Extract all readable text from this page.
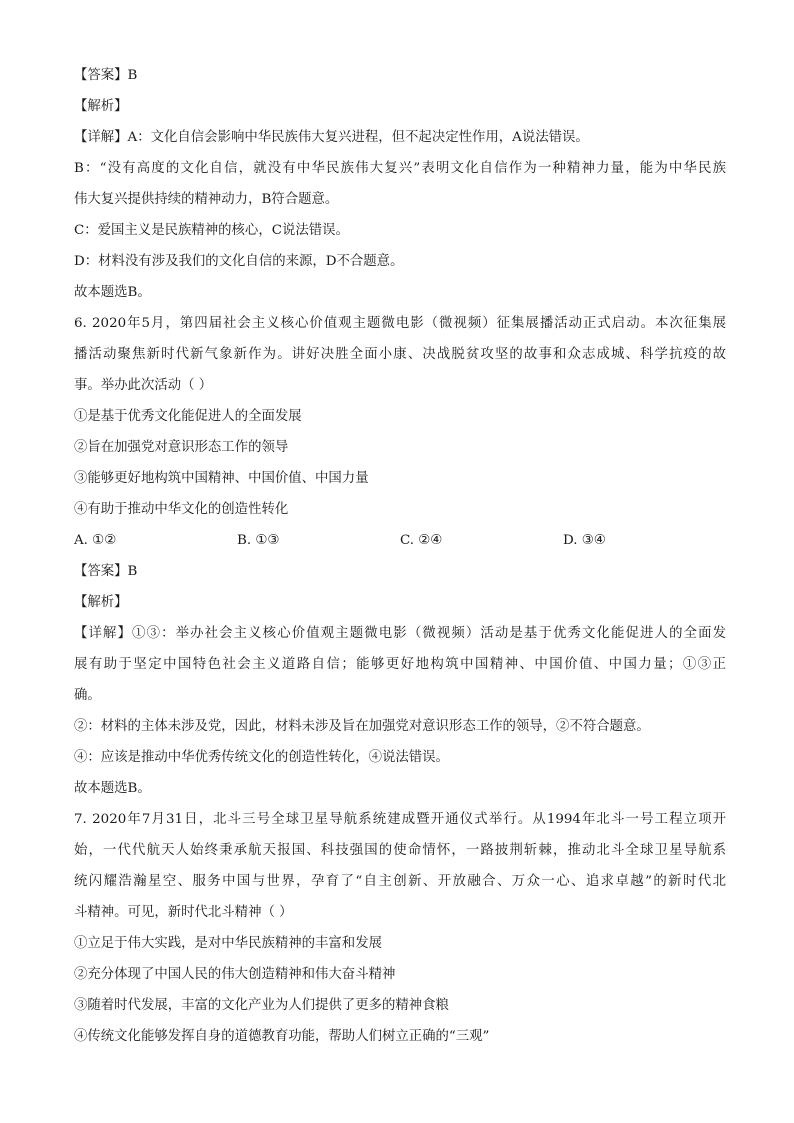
【答案】B
【解析】
【详解】A：文化自信会影响中华民族伟大复兴进程，但不起决定性作用，A说法错误。
B：“没有高度的文化自信，就没有中华民族伟大复兴”表明文化自信作为一种精神力量，能为中华民族
伟大复兴提供持续的精神动力，B符合题意。
C：爱国主义是民族精神的核心，C说法错误。
D：材料没有涉及我们的文化自信的来源，D不合题意。
故本题选B。
6. 2020年5月，第四届社会主义核心价值观主题微电影（微视频）征集展播活动正式启动。本次征集展
播活动聚焦新时代新气象新作为。讲好决胜全面小康、决战脱贫攻坚的故事和众志成城、科学抗疫的故
事。举办此次活动（ ）
①是基于优秀文化能促进人的全面发展
②旨在加强党对意识形态工作的领导
③能够更好地构筑中国精神、中国价值、中国力量
④有助于推动中华文化的创造性转化
A. ①②	B. ①③	C. ②④	D. ③④
【答案】B
【解析】
【详解】①③：举办社会主义核心价值观主题微电影（微视频）活动是基于优秀文化能促进人的全面发
展有助于坚定中国特色社会主义道路自信；能够更好地构筑中国精神、中国价值、中国力量；①③正
确。
②：材料的主体未涉及党，因此，材料未涉及旨在加强党对意识形态工作的领导，②不符合题意。
④：应该是推动中华优秀传统文化的创造性转化，④说法错误。
故本题选B。
7. 2020年7月31日，北斗三号全球卫星导航系统建成暨开通仪式举行。从1994年北斗一号工程立项开
始，一代代航天人始终秉承航天报国、科技强国的使命情怀，一路披荆斩棘，推动北斗全球卫星导航系
统闪耀浩瀚星空、服务中国与世界，孕育了“自主创新、开放融合、万众一心、追求卓越”的新时代北
斗精神。可见，新时代北斗精神（ ）
①立足于伟大实践，是对中华民族精神的丰富和发展
②充分体现了中国人民的伟大创造精神和伟大奋斗精神
③随着时代发展，丰富的文化产业为人们提供了更多的精神食粮
④传统文化能够发挥自身的道德教育功能，帮助人们树立正确的“三观”
